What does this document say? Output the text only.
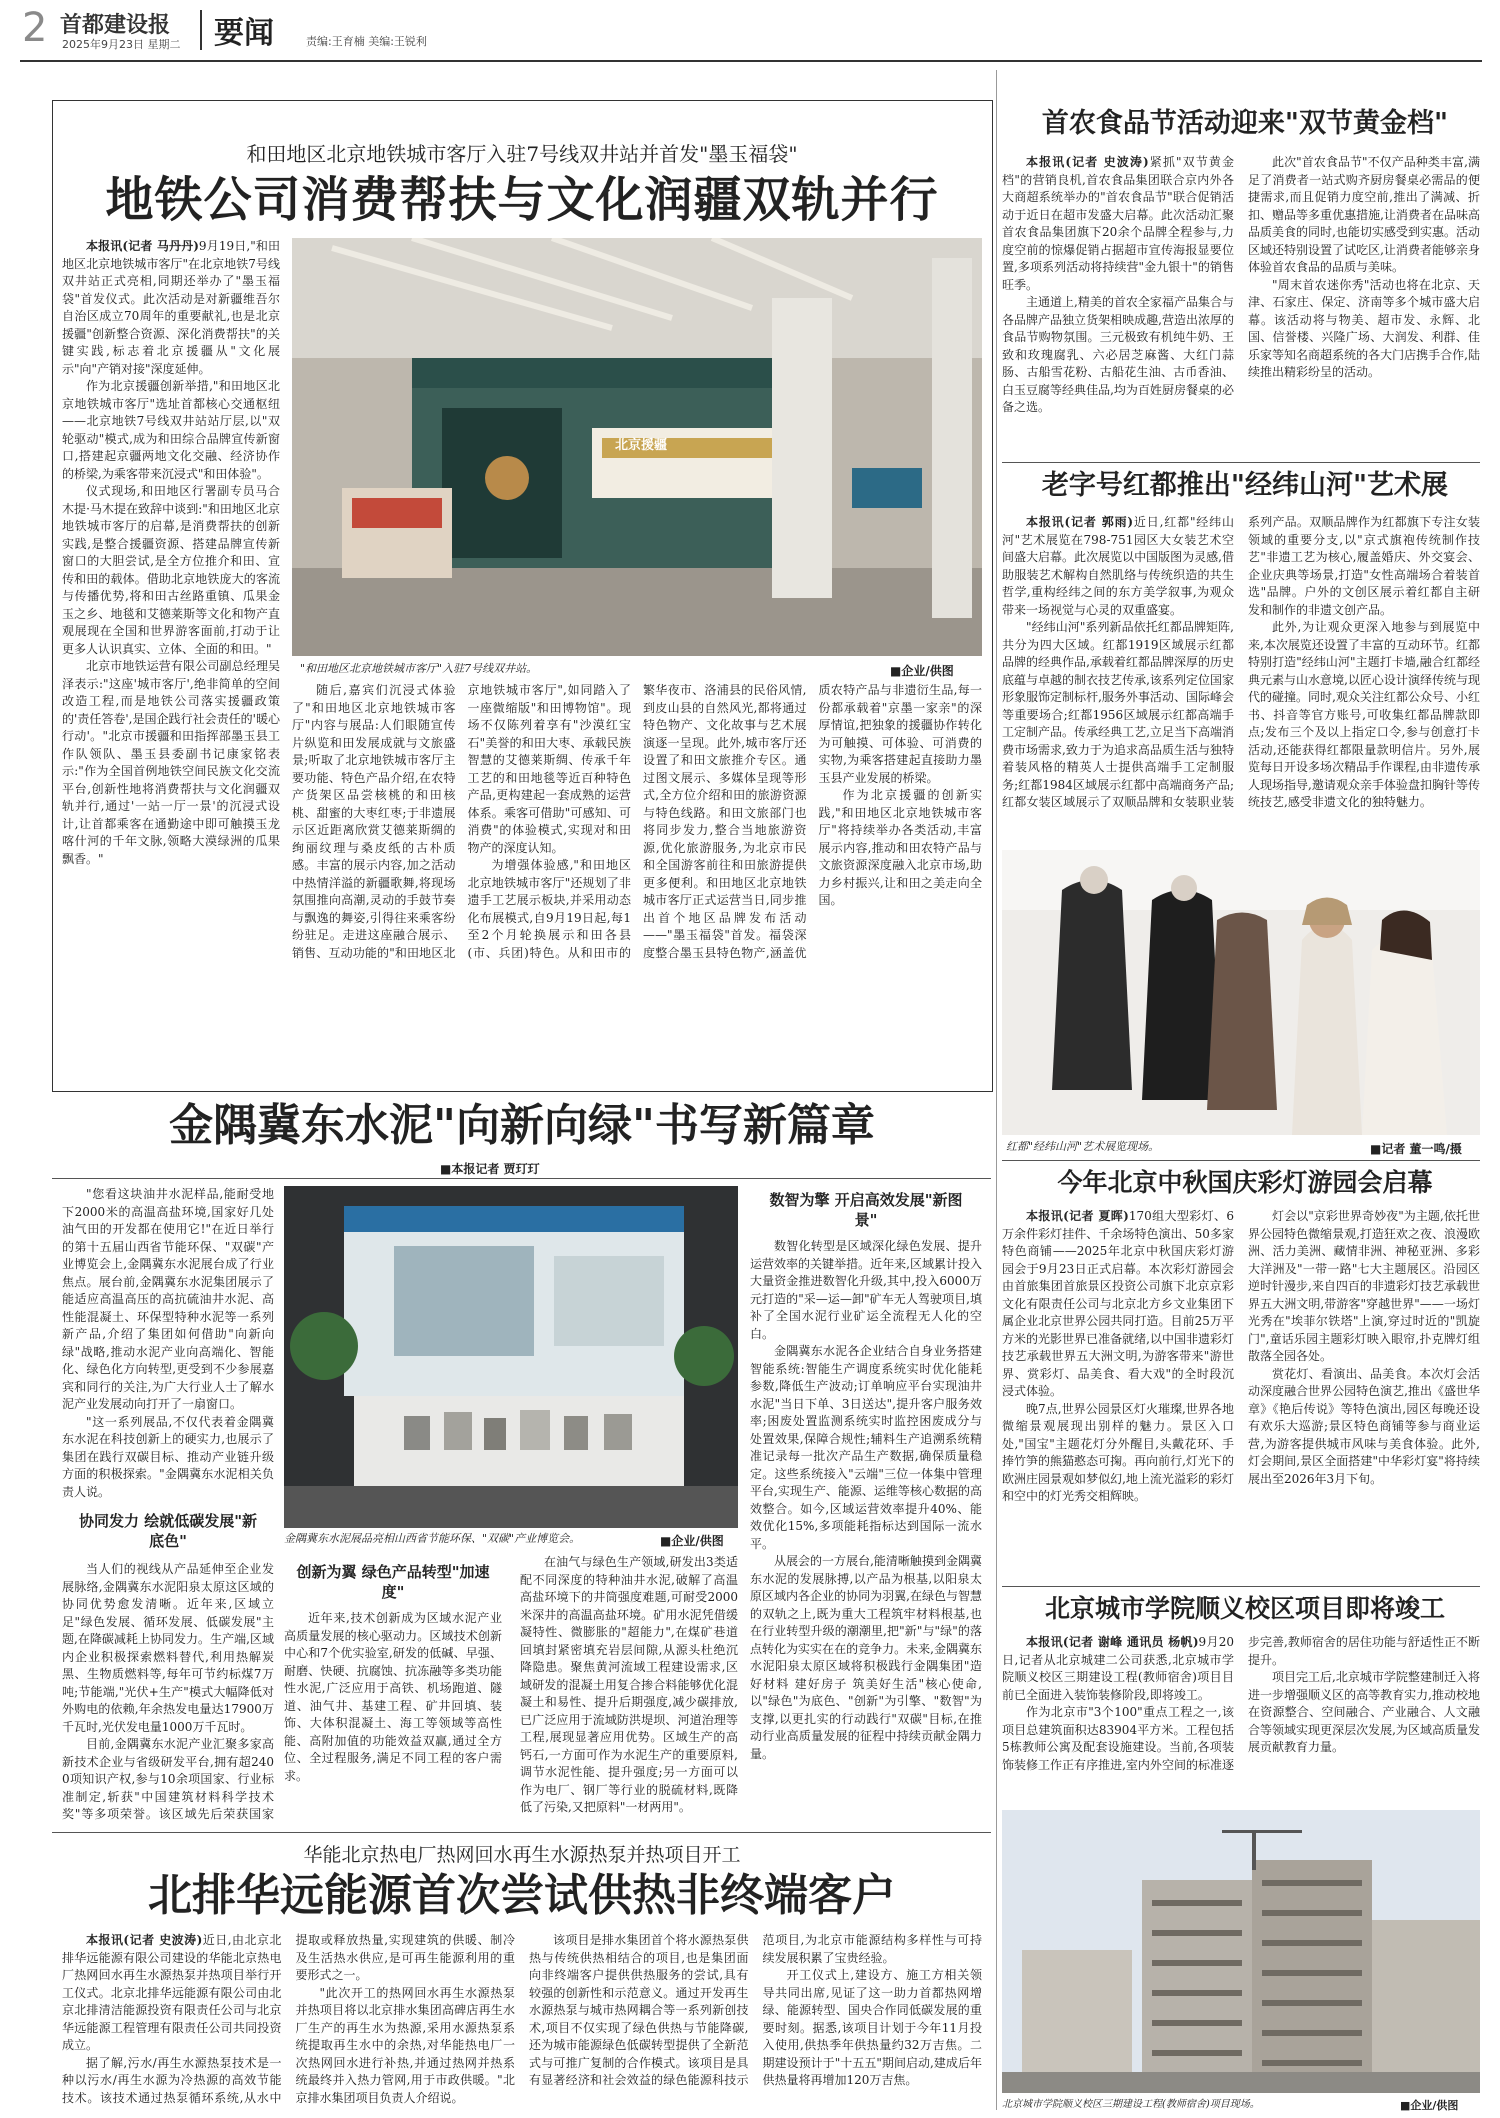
2 首都建设报
2025年9月23日 星期二 要闻	责编:王育楠 美编:王锐利
和田地区北京地铁城市客厅入驻7号线双井站并首发"墨玉福袋"
地铁公司消费帮扶与文化润疆双轨并行

本报讯(记者 马丹丹)9月19日,"和田地区北京地铁城市客厅"在北京地铁7号线双井站正式亮相,同期还举办了"墨玉福袋"首发仪式。此次活动是对新疆维吾尔自治区成立70周年的重要献礼,也是北京援疆"创新整合资源、深化消费帮扶"的关键实践,标志着北京援疆从"文化展示"向"产销对接"深度延伸。

作为北京援疆创新举措,"和田地区北京地铁城市客厅"选址首都核心交通枢纽——北京地铁7号线双井站站厅层,以"双轮驱动"模式,成为和田综合品牌宣传新窗口,搭建起京疆两地文化交融、经济协作的桥梁,为乘客带来沉浸式"和田体验"。

仪式现场,和田地区行署副专员马合木提·马木提在致辞中谈到:"和田地区北京地铁城市客厅的启幕,是消费帮扶的创新实践,是整合援疆资源、搭建品牌宣传新窗口的大胆尝试,是全方位推介和田、宣传和田的载体。借助北京地铁庞大的客流与传播优势,将和田古丝路重镇、瓜果金玉之乡、地毯和艾德莱斯等文化和物产直观展现在全国和世界游客面前,打动于让更多人认识真实、立体、全面的和田。"

北京市地铁运营有限公司副总经理吴泽表示:"这座'城市客厅',绝非简单的空间改造工程,而是地铁公司落实援疆政策的'责任答卷',是国企践行社会责任的'暖心行动'。"北京市援疆和田指挥部墨玉县工作队领队、墨玉县委副书记康家铭表示:"作为全国首例地铁空间民族文化交流平台,创新性地将消费帮扶与文化润疆双轨并行,通过'一站一厅一景'的沉浸式设计,让首都乘客在通勤途中即可触摸玉龙喀什河的千年文脉,领略大漠绿洲的瓜果飘香。"

北京援疆
"和田地区北京地铁城市客厅"入驻7号线双井站。	■企业/供图

随后,嘉宾们沉浸式体验了"和田地区北京地铁城市客厅"内容与展品:人们眼随宣传片纵览和田发展成就与文旅盛景;听取了北京地铁城市客厅主要功能、特色产品介绍,在农特产货架区品尝核桃的和田核桃、甜蜜的大枣红枣;于非遗展示区近距离欣赏艾德莱斯绸的绚丽纹理与桑皮纸的古朴质感。丰富的展示内容,加之活动中热情洋溢的新疆歌舞,将现场氛围推向高潮,灵动的手鼓节奏与飘逸的舞姿,引得往来乘客纷纷驻足。走进这座融合展示、销售、互动功能的"和田地区北京地铁城市客厅",如同踏入了一座微缩版"和田博物馆"。现场不仅陈列着享有"沙漠红宝石"美誉的和田大枣、承载民族智慧的艾德莱斯绸、传承千年工艺的和田地毯等近百种特色产品,更构建起一套成熟的运营体系。乘客可借助"可感知、可消费"的体验模式,实现对和田物产的深度认知。

为增强体验感,"和田地区北京地铁城市客厅"还规划了非遗手工艺展示板块,并采用动态化布展模式,自9月19日起,每1至2个月轮换展示和田各县(市、兵团)特色。从和田市的繁华夜市、洛浦县的民俗风情,到皮山县的自然风光,都将通过特色物产、文化故事与艺术展演逐一呈现。此外,城市客厅还设置了和田文旅推介专区。通过图文展示、多媒体呈现等形式,全方位介绍和田的旅游资源与特色线路。和田文旅部门也将同步发力,整合当地旅游资源,优化旅游服务,为北京市民和全国游客前往和田旅游提供更多便利。和田地区北京地铁城市客厅正式运营当日,同步推出首个地区品牌发布活动——"墨玉福袋"首发。福袋深度整合墨玉县特色物产,涵盖优质农特产品与非遗衍生品,每一份都承载着"京墨一家亲"的深厚情谊,把独象的援疆协作转化为可触摸、可体验、可消费的实物,为乘客搭建起直接助力墨玉县产业发展的桥梁。

作为北京援疆的创新实践,"和田地区北京地铁城市客厅"将持续举办各类活动,丰富展示内容,推动和田农特产品与文旅资源深度融入北京市场,助力乡村振兴,让和田之美走向全国。

首农食品节活动迎来"双节黄金档"

本报讯(记者 史波涛)紧抓"双节黄金档"的营销良机,首农食品集团联合京内外各大商超系统举办的"首农食品节"联合促销活动于近日在超市发盛大启幕。此次活动汇聚首农食品集团旗下20余个品牌全程参与,力度空前的惊爆促销占据超市宣传海报显要位置,多项系列活动将持续营"金九银十"的销售旺季。

主通道上,精美的首农全家福产品集合与各品牌产品独立货架相映成趣,营造出浓厚的食品节购物氛围。三元极致有机纯牛奶、王致和玫瑰腐乳、六必居芝麻酱、大红门蒜肠、古船雪花粉、古船花生油、古币香油、白玉豆腐等经典佳品,均为百姓厨房餐桌的必备之选。

此次"首农食品节"不仅产品种类丰富,满足了消费者一站式购齐厨房餐桌必需品的便捷需求,而且促销力度空前,推出了满减、折扣、赠品等多重优惠措施,让消费者在品味高品质美食的同时,也能切实感受到实惠。活动区域还特别设置了试吃区,让消费者能够亲身体验首农食品的品质与美味。

"周末首农迷你秀"活动也将在北京、天津、石家庄、保定、济南等多个城市盛大启幕。该活动将与物美、超市发、永辉、北国、信誉楼、兴隆广场、大润发、利群、佳乐家等知名商超系统的各大门店携手合作,陆续推出精彩纷呈的活动。

老字号红都推出"经纬山河"艺术展

本报讯(记者 郭雨)近日,红都"经纬山河"艺术展览在798-751园区大女装艺术空间盛大启幕。此次展览以中国版图为灵感,借助服装艺术解构自然肌络与传统织造的共生哲学,重构经纬之间的东方美学叙事,为观众带来一场视觉与心灵的双重盛宴。

"经纬山河"系列新品依托红都品牌矩阵,共分为四大区域。红都1919区域展示红都品牌的经典作品,承载着红都品牌深厚的历史底蕴与卓越的制衣技艺传承,该系列定位国家形象服饰定制标杆,服务外事活动、国际峰会等重要场合;红都1956区域展示红都高端手工定制产品。传承经典工艺,立足当下高端消费市场需求,致力于为追求高品质生活与独特着装风格的精英人士提供高端手工定制服务;红都1984区域展示红都中高端商务产品;红都女装区域展示了双顺品牌和女装职业装系列产品。双顺品牌作为红都旗下专注女装领域的重要分支,以"京式旗袍传统制作技艺"非遗工艺为核心,履盖婚庆、外交宴会、企业庆典等场景,打造"女性高端场合着装首选"品牌。户外的文创区展示着红都自主研发和制作的非遗文创产品。

此外,为让观众更深入地参与到展览中来,本次展览还设置了丰富的互动环节。红都特别打造"经纬山河"主题打卡墙,融合红都经典元素与山水意境,以匠心设计演绎传统与现代的碰撞。同时,观众关注红都公众号、小红书、抖音等官方账号,可收集红都品牌款即点;发布三个及以上指定口令,参与创意打卡活动,还能获得红都限量款明信片。另外,展览每日开设多场次精品手作课程,由非遗传承人现场指导,邀请观众亲手体验盘扣胸针等传统技艺,感受非遗文化的独特魅力。

红都"经纬山河"艺术展览现场。	■记者 董一鸣/摄
金隅冀东水泥"向新向绿"书写新篇章
■本报记者 贾玎玎

"您看这块油井水泥样品,能耐受地下2000米的高温高盐环境,国家好几处油气田的开发都在使用它!"在近日举行的第十五届山西省节能环保、"双碳"产业博览会上,金隅冀东水泥展台成了行业焦点。展台前,金隅冀东水泥集团展示了能适应高温高压的高抗硫油井水泥、高性能混凝土、环保型特种水泥等一系列新产品,介绍了集团如何借助"向新向绿"战略,推动水泥产业向高端化、智能化、绿色化方向转型,更受到不少参展嘉宾和同行的关注,为广大行业人士了解水泥产业发展动向打开了一扇窗口。

"这一系列展品,不仅代表着金隅冀东水泥在科技创新上的硬实力,也展示了集团在践行双碳目标、推动产业链升级方面的积极探索。"金隅冀东水泥相关负责人说。

协同发力 绘就低碳发展"新底色"

当人们的视线从产品延伸至企业发展脉络,金隅冀东水泥阳泉太原这区域的协同优势愈发清晰。近年来,区域立足"绿色发展、循环发展、低碳发展"主题,在降碳减耗上协同发力。生产端,区域内企业积极探索燃料替代,利用热解炭黑、生物质燃料等,每年可节约标煤7万吨;节能端,"光伏+生产"模式大幅降低对外购电的依赖,年余热发电量达17900万千瓦时,光伏发电量1000万千瓦时。

目前,金隅冀东水泥产业汇聚多家高新技术企业与省级研发平台,拥有超2400项知识产权,参与10余项国家、行业标准制定,斩获"中国建筑材料科学技术奖"等多项荣誉。该区域先后荣获国家

金隅冀东水泥展品亮相山西省节能环保、"双碳"产业博览会。	■企业/供图

创新为翼 绿色产品转型"加速度"

近年来,技术创新成为区域水泥产业高质量发展的核心驱动力。区域技术创新中心和7个优实验室,研发的低碱、早强、耐磨、快硬、抗腐蚀、抗冻融等多类功能性水泥,广泛应用于高铁、机场跑道、隧道、油气井、基建工程、矿井回填、装饰、大体积混凝土、海工等领域等高性能、高附加值的功能效益双赢,通过全方位、全过程服务,满足不同工程的客户需求。

在油气与绿色生产领域,研发出3类适配不同深度的特种油井水泥,破解了高温高盐环境下的井筒强度难题,可耐受2000米深井的高温高盐环境。矿用水泥凭借缓凝特性、微膨胀的"超能力",在煤矿巷道回填封紧密填充岩层间隙,从源头杜绝沉降隐患。聚焦黄河流域工程建设需求,区域研发的混凝土用复合掺合料能够优化混凝土和易性、提升后期强度,减少碳排放,已广泛应用于流域防洪堤坝、河道治理等工程,展现显著应用优势。区域生产的高钙石,一方面可作为水泥生产的重要原料,调节水泥性能、提升强度;另一方面可以作为电厂、钢厂等行业的脱硫材料,既降低了污染,又把原料"一材两用"。

数智为擎 开启高效发展"新图景"

数智化转型是区域深化绿色发展、提升运营效率的关键举措。近年来,区域累计投入大量资金推进数智化升级,其中,投入6000万元打造的"采—运—卸"矿车无人驾驶项目,填补了全国水泥行业矿运全流程无人化的空白。

金隅冀东水泥各企业结合自身业务搭建智能系统:智能生产调度系统实时优化能耗参数,降低生产波动;订单响应平台实现油井水泥"当日下单、3日送达",提升客户服务效率;困废处置监测系统实时监控困废成分与处置效果,保障合规性;辅料生产追溯系统精准记录每一批次产品生产数据,确保质量稳定。这些系统接入"云端"三位一体集中管理平台,实现生产、能源、运维等核心数据的高效整合。如今,区域运营效率提升40%、能效优化15%,多项能耗指标达到国际一流水平。

从展会的一方展台,能清晰触摸到金隅冀东水泥的发展脉搏,以产品为根基,以阳泉太原区域内各企业的协同为羽翼,在绿色与智慧的双轨之上,既为重大工程筑牢材料根基,也在行业转型升级的潮潮里,把"新"与"绿"的落点转化为实实在在的竞争力。未来,金隅冀东水泥阳泉太原区域将积极践行金隅集团"造好材料 建好房子 筑美好生活"核心使命,以"绿色"为底色、"创新"为引擎、"数智"为支撑,以更扎实的行动践行"双碳"目标,在推动行业高质量发展的征程中持续贡献金隅力量。

今年北京中秋国庆彩灯游园会启幕

本报讯(记者 夏晖)170组大型彩灯、6万余件彩灯挂件、千余场特色演出、50多家特色商铺——2025年北京中秋国庆彩灯游园会于9月23日正式启幕。本次彩灯游园会由首旅集团首旅景区投资公司旗下北京京彩文化有限责任公司与北京北方乡文业集团下属企业北京世界公园共同打造。目前25万平方米的光影世界已准备就绪,以中国非遗彩灯技艺承载世界五大洲文明,为游客带来"游世界、赏彩灯、品美食、看大戏"的全时段沉浸式体验。

晚7点,世界公园景区灯火璀璨,世界各地微缩景观展现出别样的魅力。景区入口处,"国宝"主题花灯分外醒目,头戴花环、手捧竹笋的熊猫憨态可掬。再向前行,灯光下的欧洲庄园景观如梦似幻,地上流光溢彩的彩灯和空中的灯光秀交相辉映。

灯会以"京彩世界奇妙夜"为主题,依托世界公园特色微缩景观,打造狂欢之夜、浪漫欧洲、活力美洲、藏情非洲、神秘亚洲、多彩大洋洲及"一带一路"七大主题展区。沿园区逆时针漫步,来自四百的非遗彩灯技艺承载世界五大洲文明,带游客"穿越世界"——一场灯光秀在"埃菲尔铁塔"上演,穿过时近的"凯旋门",童话乐园主题彩灯映入眼帘,扑克牌灯组散落全园各处。

赏花灯、看演出、品美食。本次灯会活动深度融合世界公园特色演艺,推出《盛世华章》《艳后传说》等特色演出,园区每晚还设有欢乐大巡游;景区特色商铺等参与商业运营,为游客提供城市风味与美食体验。此外,灯会期间,景区全面搭建"中华彩灯宴"将持续展出至2026年3月下旬。

北京城市学院顺义校区项目即将竣工

本报讯(记者 谢峰 通讯员 杨帆)9月20日,记者从北京城建二公司获悉,北京城市学院顺义校区三期建设工程(教师宿舍)项目目前已全面进入装饰装修阶段,即将竣工。

作为北京市"3个100"重点工程之一,该项目总建筑面积达83904平方米。工程包括5栋教师公寓及配套设施建设。当前,各项装饰装修工作正有序推进,室内外空间的标准逐步完善,教师宿舍的居住功能与舒适性正不断提升。

项目完工后,北京城市学院整建制迁入将进一步增强顺义区的高等教育实力,推动校地在资源整合、空间融合、产业融合、人文融合等领域实现更深层次发展,为区域高质量发展贡献教育力量。

北京城市学院顺义校区三期建设工程(教师宿舍)项目现场。	■企业/供图
华能北京热电厂热网回水再生水源热泵并热项目开工
北排华远能源首次尝试供热非终端客户

本报讯(记者 史波涛)近日,由北京北排华远能源有限公司建设的华能北京热电厂热网回水再生水源热泵并热项目举行开工仪式。北京北排华远能源有限公司由北京北排清洁能源投资有限责任公司与北京华远能源工程管理有限责任公司共同投资成立。

据了解,污水/再生水源热泵技术是一种以污水/再生水源为冷热源的高效节能技术。该技术通过热泵循环系统,从水中提取或释放热量,实现建筑的供暖、制冷及生活热水供应,是可再生能源利用的重要形式之一。

"此次开工的热网回水再生水源热泵并热项目将以北京排水集团高碑店再生水厂生产的再生水为热源,采用水源热泵系统提取再生水中的余热,对华能热电厂一次热网回水进行补热,并通过热网并热系统最终并入热力管网,用于市政供暖。"北京排水集团项目负责人介绍说。

该项目是排水集团首个将水源热泵供热与传统供热相结合的项目,也是集团面向非终端客户提供供热服务的尝试,具有较强的创新性和示范意义。通过开发再生水源热泵与城市热网耦合等一系列新创技术,项目不仅实现了绿色供热与节能降碳,还为城市能源绿色低碳转型提供了全新范式与可推广复制的合作模式。该项目是具有显著经济和社会效益的绿色能源科技示范项目,为北京市能源结构多样性与可持续发展积累了宝贵经验。

开工仪式上,建设方、施工方相关领导共同出席,见证了这一助力首都热网增绿、能源转型、国央合作同低碳发展的重要时刻。据悉,该项目计划于今年11月投入使用,供热季年供热量约32万吉焦。二期建设预计于"十五五"期间启动,建成后年供热量将再增加120万吉焦。
